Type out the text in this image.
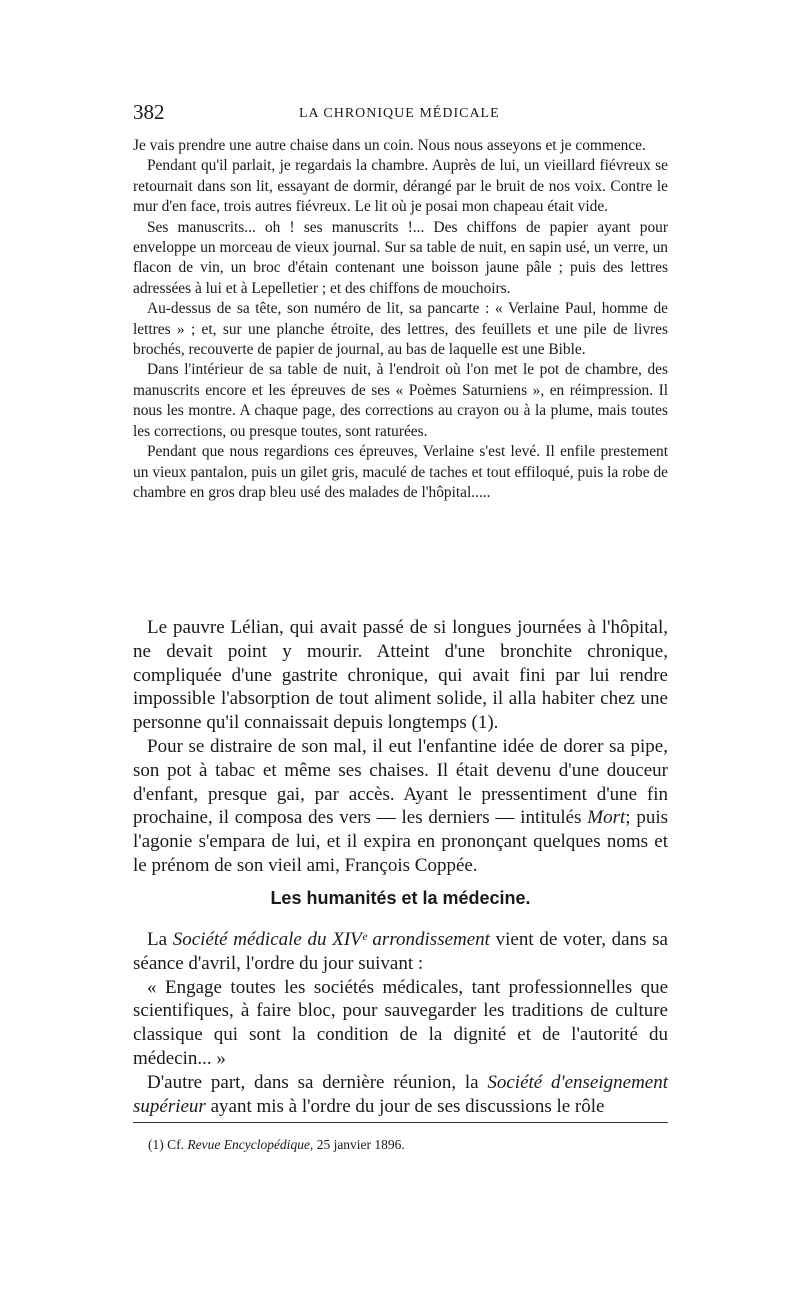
382	LA CHRONIQUE MÉDICALE

Je vais prendre une autre chaise dans un coin. Nous nous asseyons et je commence.

Pendant qu'il parlait, je regardais la chambre. Auprès de lui, un vieillard fiévreux se retournait dans son lit, essayant de dormir, dérangé par le bruit de nos voix. Contre le mur d'en face, trois autres fiévreux. Le lit où je posai mon chapeau était vide.

Ses manuscrits... oh ! ses manuscrits !... Des chiffons de papier ayant pour enveloppe un morceau de vieux journal. Sur sa table de nuit, en sapin usé, un verre, un flacon de vin, un broc d'étain contenant une boisson jaune pâle ; puis des lettres adressées à lui et à Lepelletier ; et des chiffons de mouchoirs.

Au-dessus de sa tête, son numéro de lit, sa pancarte : « Verlaine Paul, homme de lettres » ; et, sur une planche étroite, des lettres, des feuillets et une pile de livres brochés, recouverte de papier de journal, au bas de laquelle est une Bible.

Dans l'intérieur de sa table de nuit, à l'endroit où l'on met le pot de chambre, des manuscrits encore et les épreuves de ses « Poèmes Saturniens », en réimpression. Il nous les montre. A chaque page, des corrections au crayon ou à la plume, mais toutes les corrections, ou presque toutes, sont raturées.

Pendant que nous regardions ces épreuves, Verlaine s'est levé. Il enfile prestement un vieux pantalon, puis un gilet gris, maculé de taches et tout effiloqué, puis la robe de chambre en gros drap bleu usé des malades de l'hôpital.....

Le pauvre Lélian, qui avait passé de si longues journées à l'hôpital, ne devait point y mourir. Atteint d'une bronchite chronique, compliquée d'une gastrite chronique, qui avait fini par lui rendre impossible l'absorption de tout aliment solide, il alla habiter chez une personne qu'il connaissait depuis longtemps (1).

Pour se distraire de son mal, il eut l'enfantine idée de dorer sa pipe, son pot à tabac et même ses chaises. Il était devenu d'une douceur d'enfant, presque gai, par accès. Ayant le pressentiment d'une fin prochaine, il composa des vers — les derniers — intitulés Mort; puis l'agonie s'empara de lui, et il expira en prononçant quelques noms et le prénom de son vieil ami, François Coppée.

Les humanités et la médecine.

La Société médicale du XIVᵉ arrondissement vient de voter, dans sa séance d'avril, l'ordre du jour suivant :

« Engage toutes les sociétés médicales, tant professionnelles que scientifiques, à faire bloc, pour sauvegarder les traditions de culture classique qui sont la condition de la dignité et de l'autorité du médecin... »

D'autre part, dans sa dernière réunion, la Société d'enseignement supérieur ayant mis à l'ordre du jour de ses discussions le rôle

(1) Cf. Revue Encyclopédique, 25 janvier 1896.
